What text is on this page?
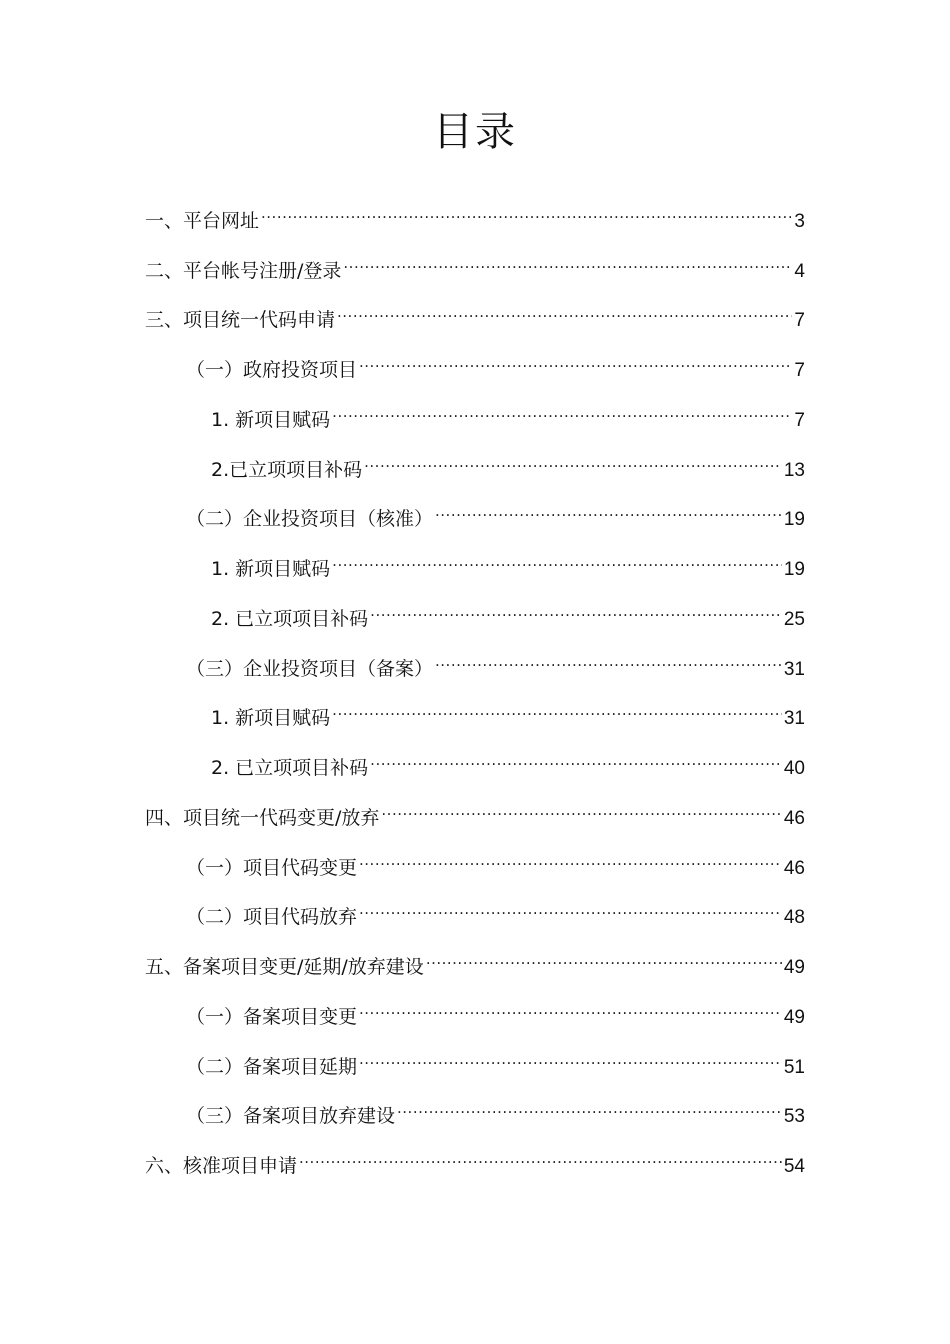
目录
一、平台网址 .....	3
二、平台帐号注册/登录 .....	4
三、项目统一代码申请 .....	7
（一）政府投资项目 .....	7
1. 新项目赋码 .....	7
2.已立项项目补码 .....	13
（二）企业投资项目（核准） .....	19
1. 新项目赋码 .....	19
2. 已立项项目补码 .....	25
（三）企业投资项目（备案） .....	31
1. 新项目赋码 .....	31
2. 已立项项目补码 .....	40
四、项目统一代码变更/放弃 .....	46
（一）项目代码变更 .....	46
（二）项目代码放弃 .....	48
五、备案项目变更/延期/放弃建设 .....	49
（一）备案项目变更 .....	49
（二）备案项目延期 .....	51
（三）备案项目放弃建设 .....	53
六、核准项目申请 .....	54
